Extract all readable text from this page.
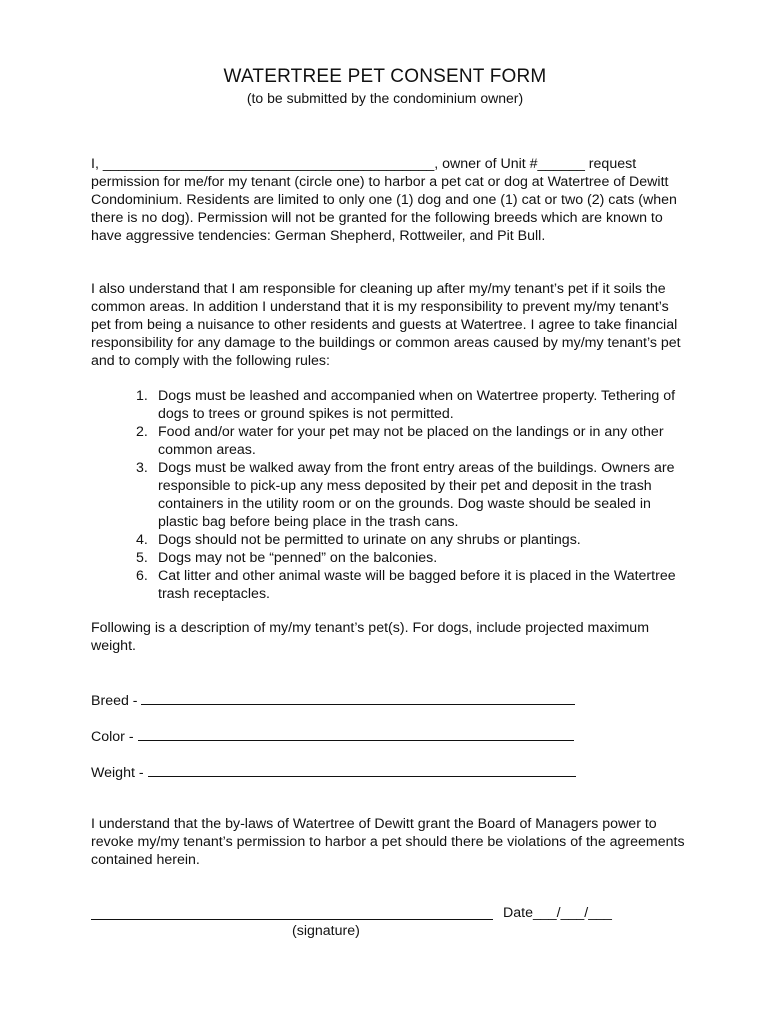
WATERTREE PET CONSENT FORM
(to be submitted by the condominium owner)

I, __________________________________________, owner of Unit #______ request permission for me/for my tenant (circle one) to harbor a pet cat or dog at Watertree of Dewitt Condominium. Residents are limited to only one (1) dog and one (1) cat or two (2) cats (when there is no dog). Permission will not be granted for the following breeds which are known to have aggressive tendencies: German Shepherd, Rottweiler, and Pit Bull.

I also understand that I am responsible for cleaning up after my/my tenant’s pet if it soils the common areas. In addition I understand that it is my responsibility to prevent my/my tenant’s pet from being a nuisance to other residents and guests at Watertree. I agree to take financial responsibility for any damage to the buildings or common areas caused by my/my tenant’s pet and to comply with the following rules:

1. Dogs must be leashed and accompanied when on Watertree property. Tethering of dogs to trees or ground spikes is not permitted.
2. Food and/or water for your pet may not be placed on the landings or in any other common areas.
3. Dogs must be walked away from the front entry areas of the buildings. Owners are responsible to pick-up any mess deposited by their pet and deposit in the trash containers in the utility room or on the grounds. Dog waste should be sealed in plastic bag before being place in the trash cans.
4. Dogs should not be permitted to urinate on any shrubs or plantings.
5. Dogs may not be “penned” on the balconies.
6. Cat litter and other animal waste will be bagged before it is placed in the Watertree trash receptacles.

Following is a description of my/my tenant’s pet(s). For dogs, include projected maximum weight.

Breed -
Color -
Weight -

I understand that the by-laws of Watertree of Dewitt grant the Board of Managers power to revoke my/my tenant’s permission to harbor a pet should there be violations of the agreements contained herein.

Date___/___/___
(signature)
